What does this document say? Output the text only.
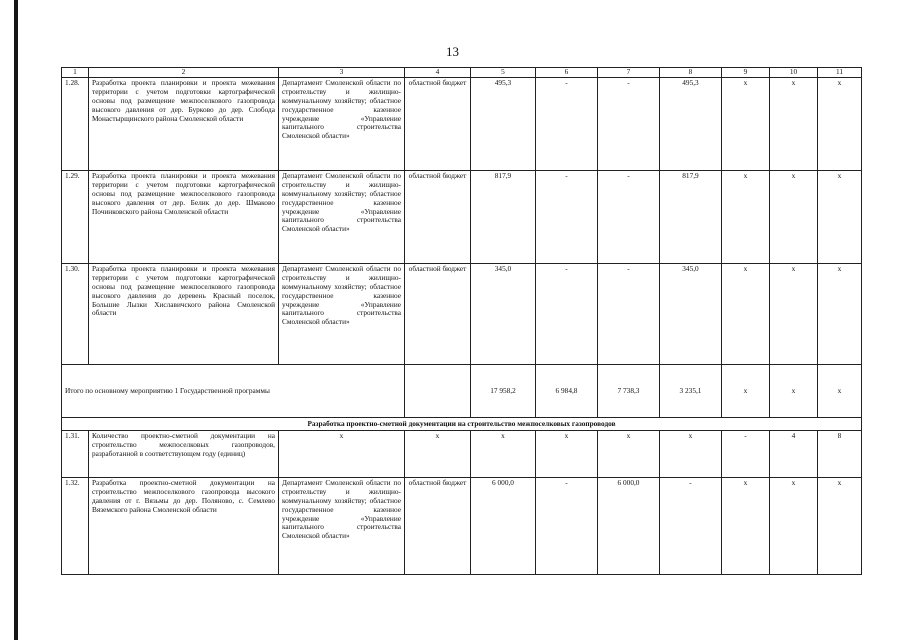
13
1	2	3	4	5	6	7	8	9	10	11
1.28.	Разработка проекта планировки и проекта межевания территории с учетом подготовки картографической основы под размещение межпоселкового газопровода высокого давления от дер. Бурково до дер. Слобода Монастырщинского района Смоленской области	Департамент Смоленской области по строительству и жилищно-коммунальному хозяйству; областное государственное казенное учреждение «Управление капитального строительства Смоленской области»	областной бюджет	495,3	-	-	495,3	x	x	x
1.29.	Разработка проекта планировки и проекта межевания территории с учетом подготовки картографической основы под размещение межпоселкового газопровода высокого давления от дер. Белик до дер. Шмаково Починковского района Смоленской области	Департамент Смоленской области по строительству и жилищно-коммунальному хозяйству; областное государственное казенное учреждение «Управление капитального строительства Смоленской области»	областной бюджет	817,9	-	-	817,9	x	x	x
1.30.	Разработка проекта планировки и проекта межевания территории с учетом подготовки картографической основы под размещение межпоселкового газопровода высокого давления до деревень Красный поселок, Большие Лызки Хиславичского района Смоленской области	Департамент Смоленской области по строительству и жилищно-коммунальному хозяйству; областное государственное казенное учреждение «Управление капитального строительства Смоленской области»	областной бюджет	345,0	-	-	345,0	x	x	x
Итого по основному мероприятию 1 Государственной программы				17 958,2	6 984,8	7 738,3	3 235,1	x	x	x
Разработка проектно-сметной документации на строительство межпоселковых газопроводов										
1.31.	Количество проектно-сметной документации на строительство межпоселковых газопроводов, разработанной в соответствующем году (единиц)	x	x	x	x	x	x	-	4	8
1.32.	Разработка проектно-сметной документации на строительство межпоселкового газопровода высокого давления от г. Вязьмы до дер. Поляново, с. Семлево Вяземского района Смоленской области	Департамент Смоленской области по строительству и жилищно-коммунальному хозяйству; областное государственное казенное учреждение «Управление капитального строительства Смоленской области»	областной бюджет	6 000,0	-	6 000,0	-	x	x	x
